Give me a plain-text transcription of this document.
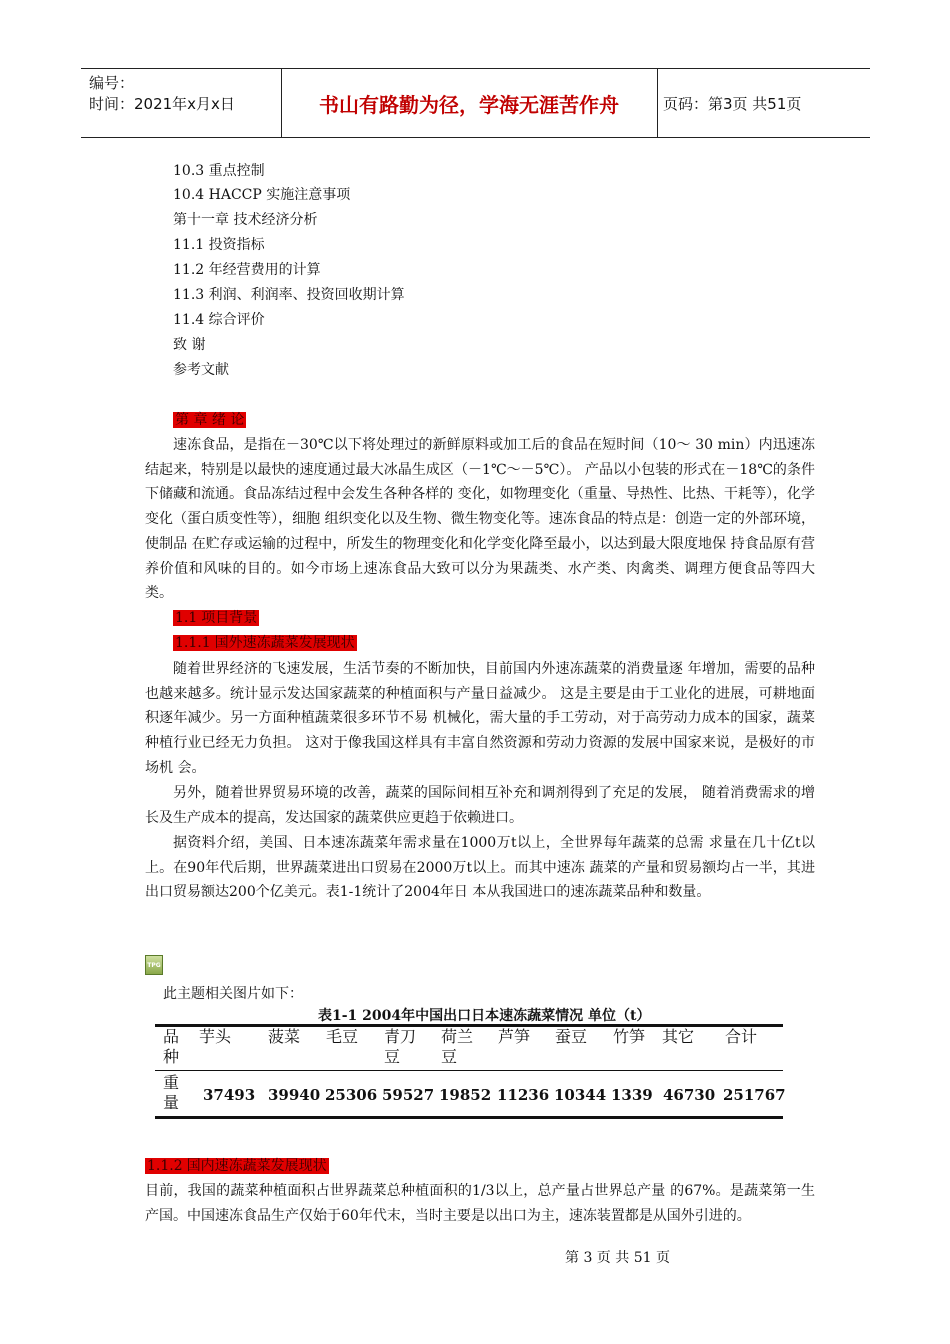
编号：
时间：2021年x月x日	书山有路勤为径，学海无涯苦作舟	页码：第3页 共51页
10.3 重点控制
10.4 HACCP 实施注意事项
第十一章 技术经济分析
11.1 投资指标
11.2 年经营费用的计算
11.3 利润、利润率、投资回收期计算
11.4 综合评价
致 谢
参考文献
第 章 绪 论
速冻食品，是指在－30℃以下将处理过的新鲜原料或加工后的食品在短时间（10～ 30 min）内迅速冻结起来，特别是以最快的速度通过最大冰晶生成区（－1℃～－5℃）。 产品以小包装的形式在－18℃的条件下储藏和流通。食品冻结过程中会发生各种各样的 变化，如物理变化（重量、导热性、比热、干耗等），化学变化（蛋白质变性等），细胞 组织变化以及生物、微生物变化等。速冻食品的特点是：创造一定的外部环境，使制品 在贮存或运输的过程中，所发生的物理变化和化学变化降至最小，以达到最大限度地保 持食品原有营养价值和风味的目的。如今市场上速冻食品大致可以分为果蔬类、水产类、肉禽类、调理方便食品等四大类。
1.1 项目背景
1.1.1 国外速冻蔬菜发展现状
随着世界经济的飞速发展，生活节奏的不断加快，目前国内外速冻蔬菜的消费量逐 年增加，需要的品种也越来越多。统计显示发达国家蔬菜的种植面积与产量日益减少。 这是主要是由于工业化的进展，可耕地面积逐年减少。另一方面种植蔬菜很多环节不易 机械化，需大量的手工劳动，对于高劳动力成本的国家，蔬菜种植行业已经无力负担。 这对于像我国这样具有丰富自然资源和劳动力资源的发展中国家来说，是极好的市场机 会。
另外，随着世界贸易环境的改善，蔬菜的国际间相互补充和调剂得到了充足的发展， 随着消费需求的增长及生产成本的提高，发达国家的蔬菜供应更趋于依赖进口。
据资料介绍，美国、日本速冻蔬菜年需求量在1000万t以上，全世界每年蔬菜的总需 求量在几十亿t以上。在90年代后期，世界蔬菜进出口贸易在2000万t以上。而其中速冻 蔬菜的产量和贸易额均占一半，其进出口贸易额达200个亿美元。表1-1统计了2004年日 本从我国进口的速冻蔬菜品种和数量。
TPG
此主题相关图片如下：
表1-1 2004年中国出口日本速冻蔬菜情况 单位（t）
品
种
重
量
芋头 菠菜 毛豆 青刀
豆
荷兰
豆
芦笋 蚕豆 竹笋 其它 合计
37493 39940 25306 59527 19852 11236 10344 1339 46730 251767
1.1.2 国内速冻蔬菜发展现状
目前，我国的蔬菜种植面积占世界蔬菜总种植面积的1/3以上，总产量占世界总产量 的67%。是蔬菜第一生产国。中国速冻食品生产仅始于60年代末，当时主要是以出口为主，速冻装置都是从国外引进的。
第 3 页 共 51 页
